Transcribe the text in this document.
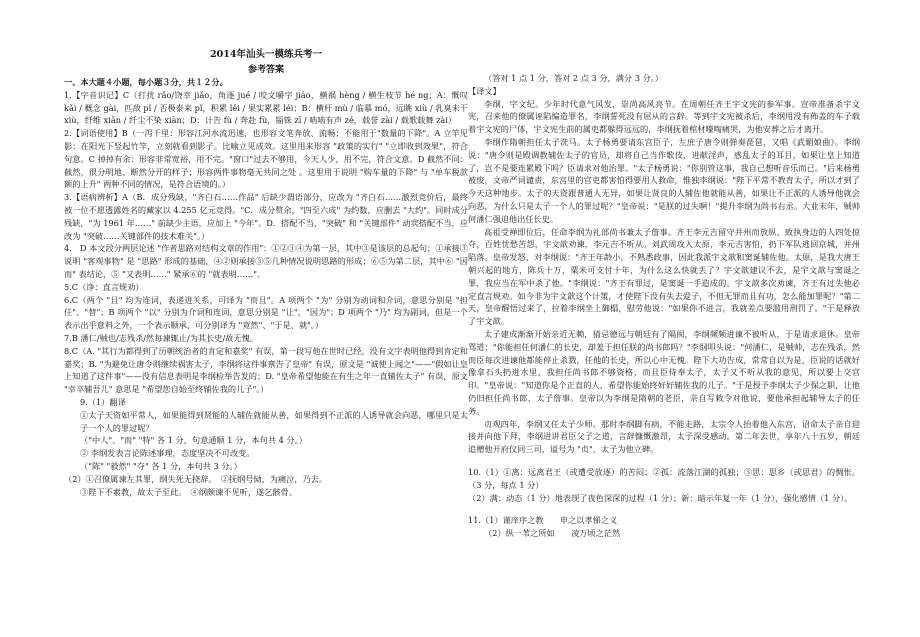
2014年汕头一模练兵考一
参考答案

一、本大题４小题，每小题３分，共１２分。

1.【字音识记】C（打扰 rǎo/饶幸 jiǎo，角逐 jué / 咬文嚼字 jiáo，横祸 hèng / 横生枝节 hé ng；A：慨叹 kǎi / 概念 gài，匹敌 pǐ / 否极泰来 pǐ，积累 lěi / 果实累累 léi；B：横杆 mù / 临摹 mó，远眺 xiù / 乳臭未干 xiù，纤维 xiān / 纤尘不染 xiān；D：计告 fù / 奔赴 fù，锱铢 zī / 啮啮有声 zé，载誉 zài / 载歌载舞 zài）

2.【词语使用】B（一泻千里：形容江河水流迅速，也形容文笔奔放、流畅；不能用于"数量的下降"。A 立竿见影：在阳光下竖起竹竿，立刻就看到影子。比喻立见成效。这里用来形容 "政策的实行" "立即收到效果"，符合句意。C 掉掉有余：形容非常宽裕，用不完。"窗口"过去不够用，今天人少，用不完，符合文意。D 截然不同：截然，很分明地、断然分开的样子；形容两件事物毫无共同之处 。这里用于说明 "购车量的下降" 与 "单车税款额的上升" 两种不同的情况，是符合语境的。）

3.【语病辨析】A（B．成分残缺，"齐白石……作品" 后缺少谓语部分，应改为 "齐白石……激烈竞价后，最终被一位不愿透露姓名的藏家以 4.255 亿元竞得。"C．成分赘余，"四至六成" 为约数，应删去 "大约"。同时成分残缺，"为 1961 年……" 前缺少主语，应加上 "今年"。D．搭配不当，"突破" 和 "关键部件" 动宾搭配不当，应改为 "突破……关键部件的技术难关"。）

4.　D 本文段分两层论述 "作者思路对结构文章的作用"：①②③④为第一层，其中③是该层的总起句；①承接③说明 "客观事物" 是 "思路" 形成的基础，④②则承接③⑤几种情况说明思路的形成；⑥⑤为第二层，其中⑥ "因而" 表结论，⑤ "又表明……" 紧承⑥的 "就表明……"。

5.C（诤：直言规劝）

6.C（两个 "且" 均为连词，表递进关系，可译为 "而且"。A 项两个 "为" 分别为动词和介词，意思分别是 "担任"、"替"；B 项两个 "以" 分别为介词和连词，意思分别是 "让"，"因为"；D 项两个 "乃" 均为副词，但是一个表示出乎意料之外，一个表示顺承，可分别译为 "竟然"、"于是、就"。）

7.B 潘仁/贼也/志残杀/然每谏辄止/为其长史/故无愧。

8.C（A. "其行为都得到了历朝统治者的肯定和嘉奖" 有误，第一段写他在世时已经，没有文字表明他得到肯定和嘉奖；B. "为避免让唐令则继续祸害太子，李纲将这件事禀告了皇帝" 有误，原文是 "诚使上闻之"——"假如让皇上知道了这件事"——没有信息表明是李纲检举告发的；D. "皇帝希望他能在有生之年一直辅佐太子" 有误，原文 "幸卒辅吾儿" 意思是 "希望您自始至终辅佐我的儿子"。）

9.（1）翻译

①太子天资如平常人，如果能得到贤能的人辅佐就能从善，如果得到不正派的人诱导就会向恶，哪里只是太子一个人的罪过呢？

（"中人"、"而" "特" 各 1 分，句意通顺 1 分，本句共 4 分。）

② 李纲发表言论陈述事理，态度坚决不可改变。

（"陈" "毅然" "夺" 各 1 分，本句共 3 分。）

（2）①召僚属谏左其罪，纲失死无挠辞。　②抚纲号恸，为痛泣，乃去。

③陛下不素教，故太子至此。　④纲颇谏不见听，遂乞骸骨。

（答对 1 点 1 分，答对 2 点 3 分，满分 3 分。）

【译文】

李纲，字文纪。少年时代意气风发，崇尚高风亮节。在周朝任齐王宇文宪的参军事。宣帝准备杀宇文宪，召来他的僚属诬陷编造罪名，李纲誓死没有屈从的言辞。等到宇文宪被杀后，李纲用没有佈盖的车子载着宇文宪的尸体，宇文宪生前的属吏都躲得远远的，李纲抚着棺材嚎啕痛哭，为他安葬之后才离开。

李纲作隋朝担任太子洗马。太子杨勇要请东宫臣子，左庶子唐令则弹奏琵琶，又唱《武媚娘曲》。李纲说："唐令则是殿调教辅佐太子的官员，却将自己当作歌伎，进献淫声，惑乱太子的耳目，如果让皇上知道了，岂不是要连累殿下吗？臣请求对他治罪。"太子杨勇说："你别管这事，我自己想听音乐而已。"后来杨勇被废，文帝严词谴责，东宫里的官吏都害怕得要用人救命，惟独李纲说："陛下平常不教育太子，所以才到了今天这种地步。太子的天资跟普通人无异，如果让贤良的人辅佐他就能从善，如果让不正派的人诱导他就会向恶，为什么只是太子一个人的罪过呢？"皇帝说："是朕的过失啊！"提升李纲为尚书右丞。大业末年，贼帅何潘仁强迫他出任长史。

高祖受禅即位后，任命李纲为礼部尚书兼太子詹事。齐王李元吉留守并州而放纵，致执身边的人四处掠夺，百姓忧愁苦怨，宇文歆劝谏，李元吉不听从。刘武周攻入太原，李元吉害怕，扔下军队逃回京城，并州陷落。皇帝发怒，对李纲说："齐王年龄小，不熟悉政事，因此我派宇文歆和窦诞辅佐他。太原，是我大唐王朝兴起的地方，陈兵十万，粟米可支付十年，为什么这么快就丢了？宇文歆建议不去，是宇文歆与窦诞之罪，我应当在军中杀了他。"李纲说："齐王有罪过，是窦诞一手造成的。宇文歆多次劝谏，齐王有过失他必定直言规劝。如今非为宇文歆这个计策，才使陛下没有失去爱子，不但无罪而且有功，怎么能加罪呢？"第二天，皇帝醒悟过来了，拉着李纲坐上御榻，慰劳他说："如果你不进言，我就差点要滥用刑罚了。"于是释放了宇文歆。

太子建成渐渐开始亲近无赖，猜忌德远与朝廷有了隔阂，李纲频频进谏不被听从，于是请求退休。皇帝骂道："你能担任何潘仁的长史，却羞于担任朕的尚书郎吗？"李纲叩头说："何潘仁，是贼帅，志在残杀，然而臣每次进谏他都能停止杀戮，任他的长史，所以心中无愧。陛下大功告成，常常自以为是，臣说的话就好像拿石头扔进水里，我担任尚书郎不够资格，而且臣侍奉太子，太子又不听从我的意见，所以要上交官印。"皇帝说："知道你是个正直的人，希望你能始终好好辅佐我的儿子。"于是授予李纲太子少保之职，让他仍旧担任尚书郎、太子詹事。皇帝以为李纲是隋朝的老臣，亲自写敕令对他说，要他承担起辅导太子的任务。

贞观四年，李纲又任太子少师。那时李纲脚有病，不能走路，太宗令人抬着他入东宫，诏命太子亲自迎接并向他下拜，李纲进讲君臣父子之道，言辞慷慨激昂，太子深受感动。第二年去世，享年八十五岁，朝廷追赠他开府仪同三司，谥号为 "贞"，太子为他立碑。

10.（1）①离：远离君王（或遭受放逐）的苦闷；②孤：流落江湖的孤独；③思：思乡（或思君）的惆怅。（3 分，每点 1 分）

（2）满：动态（1 分）地表现了夜色深深的过程（1 分）；新：暗示年复一年（1 分），强化感情（1 分）。

11.（1）谨庠序之教　　申之以孝悌之义

（2）纵一苇之所如　　凌万顷之茫然
